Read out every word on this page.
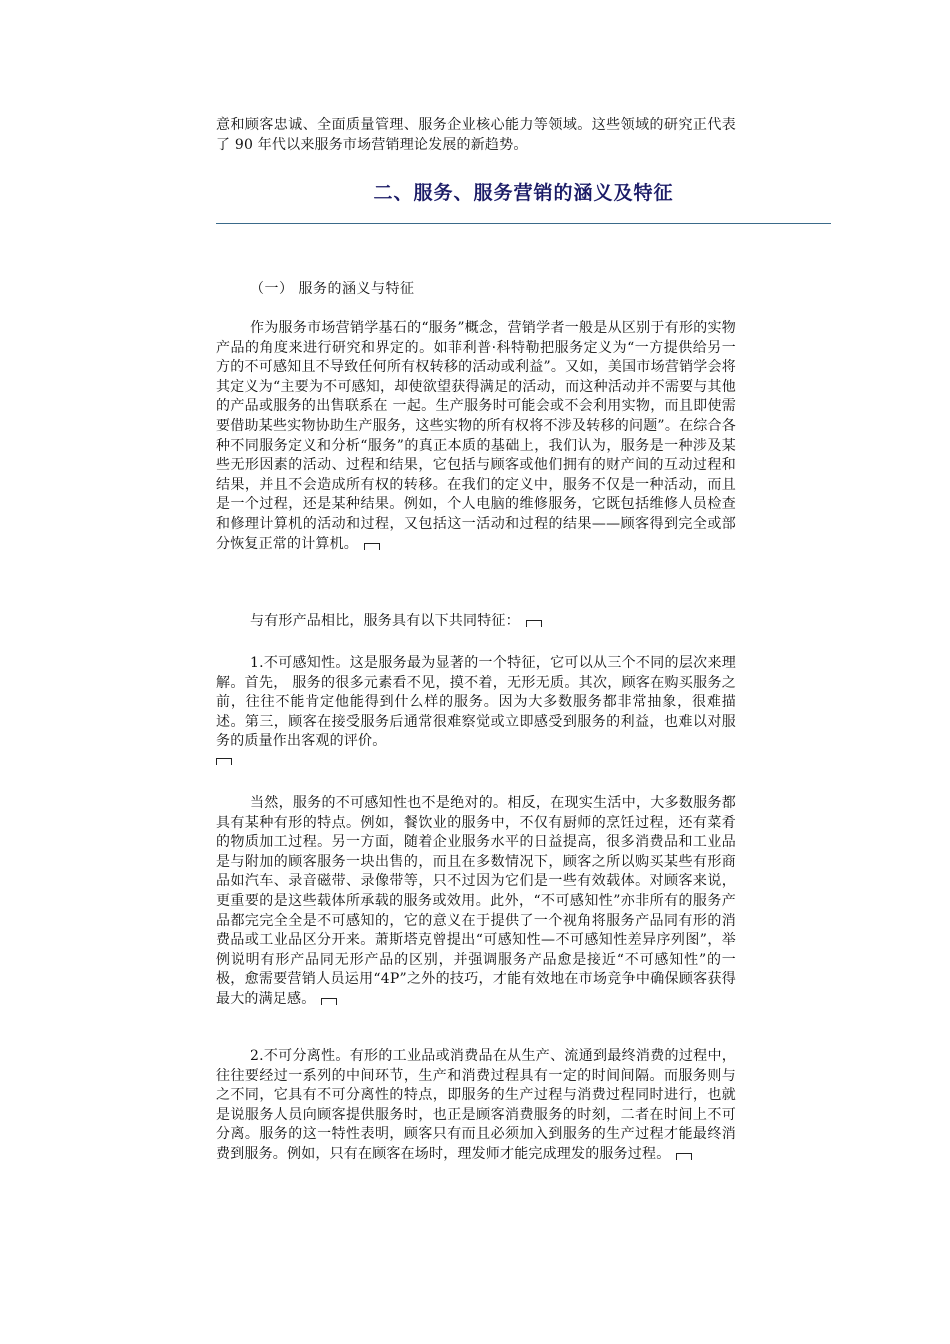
意和顾客忠诚、全面质量管理、服务企业核心能力等领域。这些领域的研究正代表了 90 年代以来服务市场营销理论发展的新趋势。

二、服务、服务营销的涵义及特征

（一） 服务的涵义与特征

作为服务市场营销学基石的“服务”概念，营销学者一般是从区别于有形的实物产品的角度来进行研究和界定的。如菲利普·科特勒把服务定义为“一方提供给另一方的不可感知且不导致任何所有权转移的活动或利益”。又如，美国市场营销学会将其定义为“主要为不可感知，却使欲望获得满足的活动，而这种活动并不需要与其他的产品或服务的出售联系在 一起。生产服务时可能会或不会利用实物，而且即使需要借助某些实物协助生产服务，这些实物的所有权将不涉及转移的问题”。在综合各种不同服务定义和分析“服务”的真正本质的基础上，我们认为，服务是一种涉及某些无形因素的活动、过程和结果，它包括与顾客或他们拥有的财产间的互动过程和结果，并且不会造成所有权的转移。在我们的定义中，服务不仅是一种活动，而且是一个过程，还是某种结果。例如，个人电脑的维修服务，它既包括维修人员检查和修理计算机的活动和过程，又包括这一活动和过程的结果——顾客得到完全或部分恢复正常的计算机。

与有形产品相比，服务具有以下共同特征：

1.不可感知性。这是服务最为显著的一个特征，它可以从三个不同的层次来理解。首先， 服务的很多元素看不见，摸不着，无形无质。其次，顾客在购买服务之前，往往不能肯定他能得到什么样的服务。因为大多数服务都非常抽象，很难描述。第三，顾客在接受服务后通常很难察觉或立即感受到服务的利益，也难以对服务的质量作出客观的评价。

当然，服务的不可感知性也不是绝对的。相反，在现实生活中，大多数服务都具有某种有形的特点。例如，餐饮业的服务中，不仅有厨师的烹饪过程，还有菜肴的物质加工过程。另一方面，随着企业服务水平的日益提高，很多消费品和工业品是与附加的顾客服务一块出售的，而且在多数情况下，顾客之所以购买某些有形商品如汽车、录音磁带、录像带等，只不过因为它们是一些有效载体。对顾客来说，更重要的是这些载体所承载的服务或效用。此外，“不可感知性”亦非所有的服务产品都完完全全是不可感知的，它的意义在于提供了一个视角将服务产品同有形的消费品或工业品区分开来。萧斯塔克曾提出“可感知性—不可感知性差异序列图”，举例说明有形产品同无形产品的区别，并强调服务产品愈是接近“不可感知性”的一极，愈需要营销人员运用“4P”之外的技巧，才能有效地在市场竞争中确保顾客获得最大的满足感。

2.不可分离性。有形的工业品或消费品在从生产、流通到最终消费的过程中，往往要经过一系列的中间环节，生产和消费过程具有一定的时间间隔。而服务则与之不同，它具有不可分离性的特点，即服务的生产过程与消费过程同时进行，也就是说服务人员向顾客提供服务时，也正是顾客消费服务的时刻，二者在时间上不可分离。服务的这一特性表明，顾客只有而且必须加入到服务的生产过程才能最终消费到服务。例如，只有在顾客在场时，理发师才能完成理发的服务过程。
